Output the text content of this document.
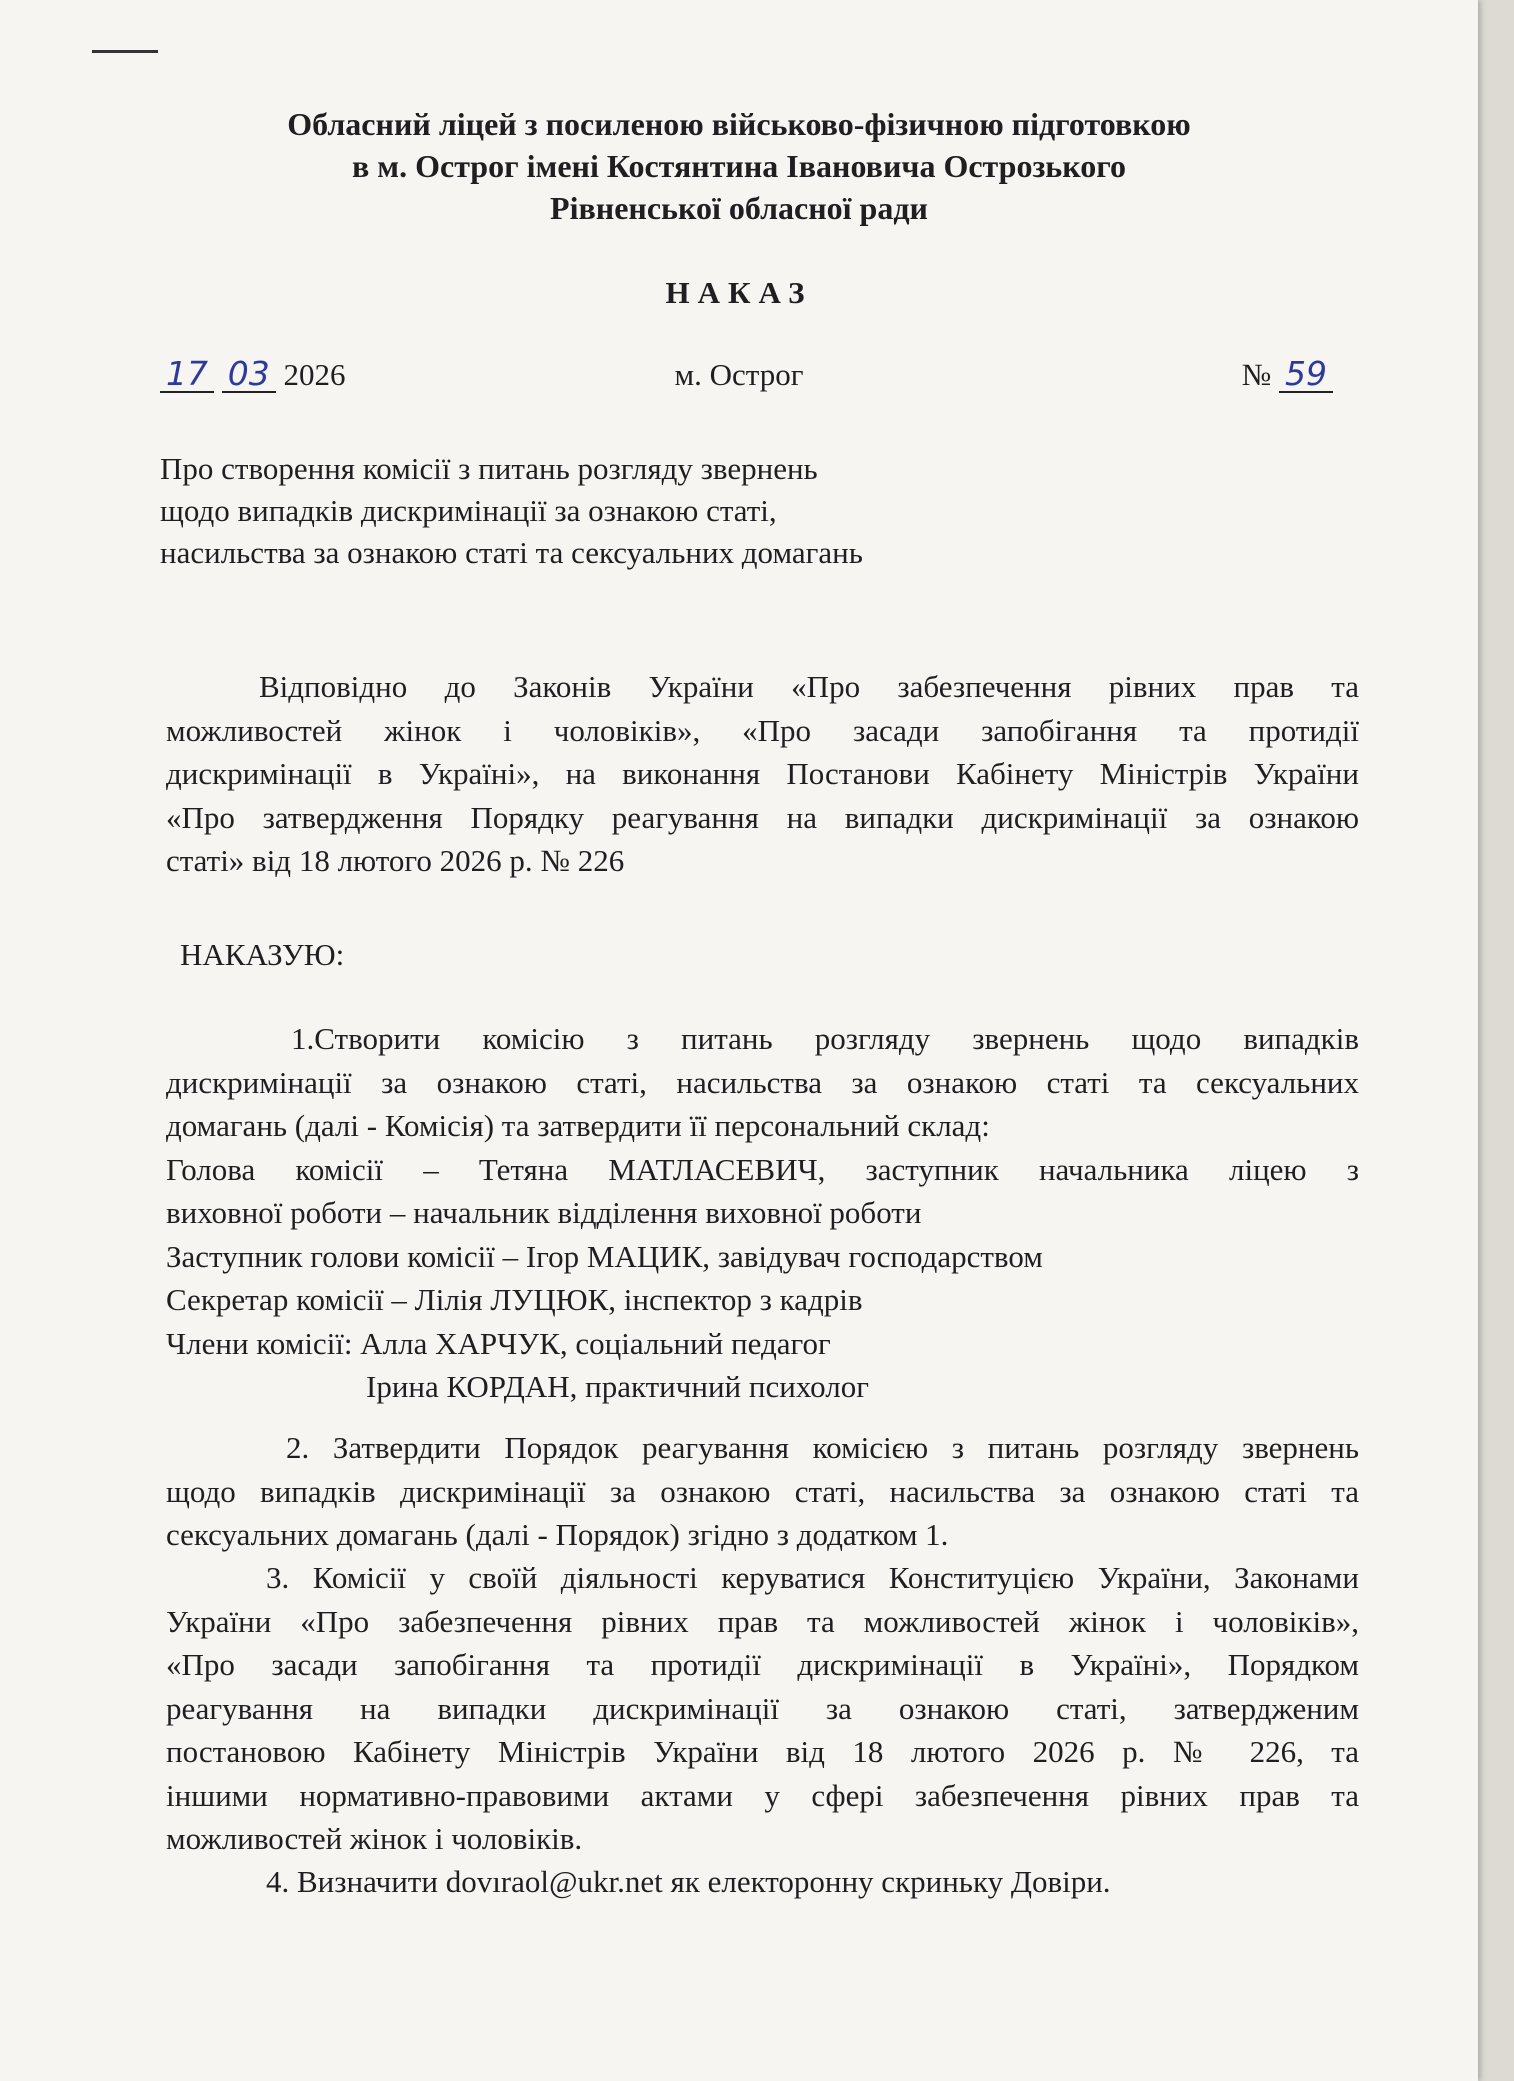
Обласний ліцей з посиленою військово-фізичною підготовкою
в м. Острог імені Костянтина Івановича Острозького
Рівненської обласної ради
НАКАЗ
17 03 2026	м. Острог	№ 59
Про створення комісії з питань розгляду звернень
щодо випадків дискримінації за ознакою статі,
насильства за ознакою статі та сексуальних домагань

Відповідно до Законів України «Про забезпечення рівних прав та

можливостей жінок і чоловіків», «Про засади запобігання та протидії

дискримінації в Україні», на виконання Постанови Кабінету Міністрів України

«Про затвердження Порядку реагування на випадки дискримінації за ознакою

статі» від 18 лютого 2026 р. № 226

НАКАЗУЮ:

1.Створити комісію з питань розгляду звернень щодо випадків

дискримінації за ознакою статі, насильства за ознакою статі та сексуальних

домагань (далі - Комісія) та затвердити її персональний склад:

Голова комісії – Тетяна МАТЛАСЕВИЧ, заступник начальника ліцею з

виховної роботи – начальник відділення виховної роботи

Заступник голови комісії – Ігор МАЦИК, завідувач господарством

Секретар комісії – Лілія ЛУЦЮК, інспектор з кадрів

Члени комісії: Алла ХАРЧУК, соціальний педагог

Ірина КОРДАН, практичний психолог

2. Затвердити Порядок реагування комісією з питань розгляду звернень

щодо випадків дискримінації за ознакою статі, насильства за ознакою статі та

сексуальних домагань (далі - Порядок) згідно з додатком 1.

3. Комісії у своїй діяльності керуватися Конституцією України, Законами

України «Про забезпечення рівних прав та можливостей жінок і чоловіків»,

«Про засади запобігання та протидії дискримінації в Україні», Порядком

реагування на випадки дискримінації за ознакою статі, затвердженим

постановою Кабінету Міністрів України від 18 лютого 2026 р. № 226, та

іншими нормативно-правовими актами у сфері забезпечення рівних прав та

можливостей жінок і чоловіків.

4. Визначити dovıraol@ukr.net як електоронну скриньку Довіри.
